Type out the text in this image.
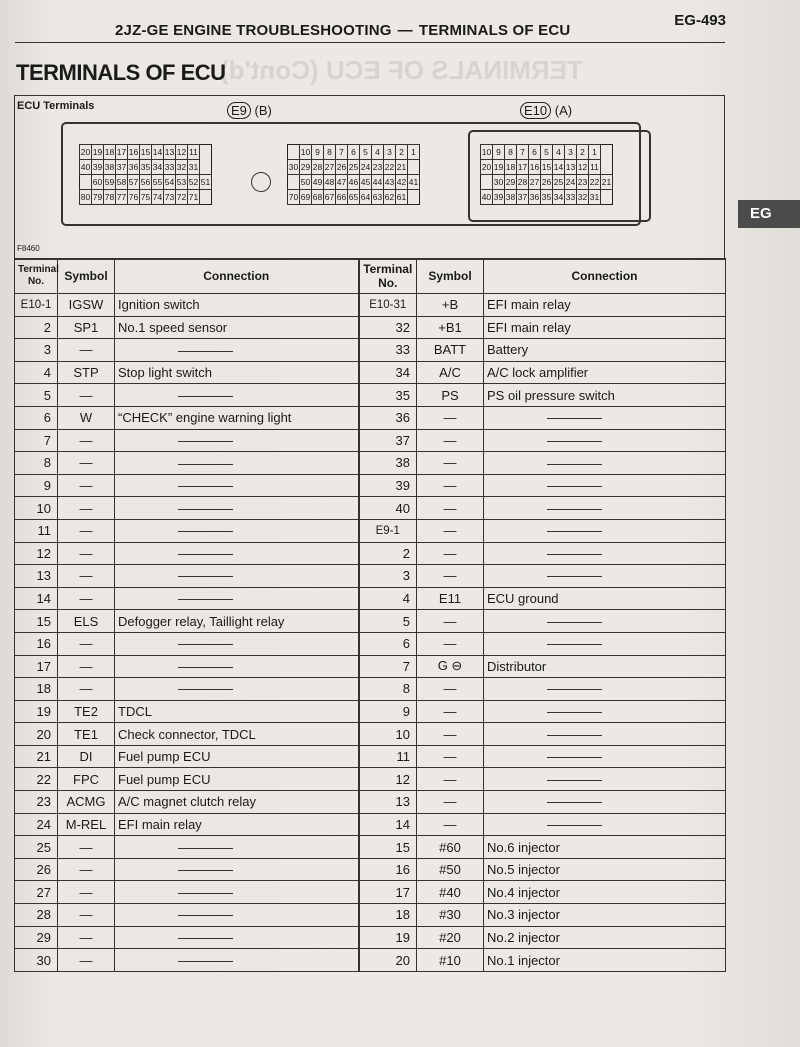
TERMINALS OF ECU (Cont'd)
2JZ-GE ENGINE TROUBLESHOOTING — TERMINALS OF ECU
EG-493
TERMINALS OF ECU
EG
ECU Terminals
F8460
E9 (B)	E10 (A)
20	19	18	17	16	15	14	13	12	11	
40	39	38	37	36	35	34	33	32	31	
	60	59	58	57	56	55	54	53	52	51
80	79	78	77	76	75	74	73	72	71	
	10	9	8	7	6	5	4	3	2	1
30	29	28	27	26	25	24	23	22	21	
	50	49	48	47	46	45	44	43	42	41
70	69	68	67	66	65	64	63	62	61	
10	9	8	7	6	5	4	3	2	1	
20	19	18	17	16	15	14	13	12	11	
	30	29	28	27	26	25	24	23	22	21
40	39	38	37	36	35	34	33	32	31	
Terminal No.	Symbol	Connection	Terminal No.	Symbol	Connection
E10-1	IGSW	Ignition switch	E10-31	+B	EFI main relay
2	SP1	No.1 speed sensor	32	+B1	EFI main relay
3	—		33	BATT	Battery
4	STP	Stop light switch	34	A/C	A/C lock amplifier
5	—		35	PS	PS oil pressure switch
6	W	“CHECK” engine warning light	36	—	
7	—		37	—	
8	—		38	—	
9	—		39	—	
10	—		40	—	
11	—		E9-1	—	
12	—		2	—	
13	—		3	—	
14	—		4	E11	ECU ground
15	ELS	Defogger relay, Taillight relay	5	—	
16	—		6	—	
17	—		7	G ⊖	Distributor
18	—		8	—	
19	TE2	TDCL	9	—	
20	TE1	Check connector, TDCL	10	—	
21	DI	Fuel pump ECU	11	—	
22	FPC	Fuel pump ECU	12	—	
23	ACMG	A/C magnet clutch relay	13	—	
24	M-REL	EFI main relay	14	—	
25	—		15	#60	No.6 injector
26	—		16	#50	No.5 injector
27	—		17	#40	No.4 injector
28	—		18	#30	No.3 injector
29	—		19	#20	No.2 injector
30	—		20	#10	No.1 injector
